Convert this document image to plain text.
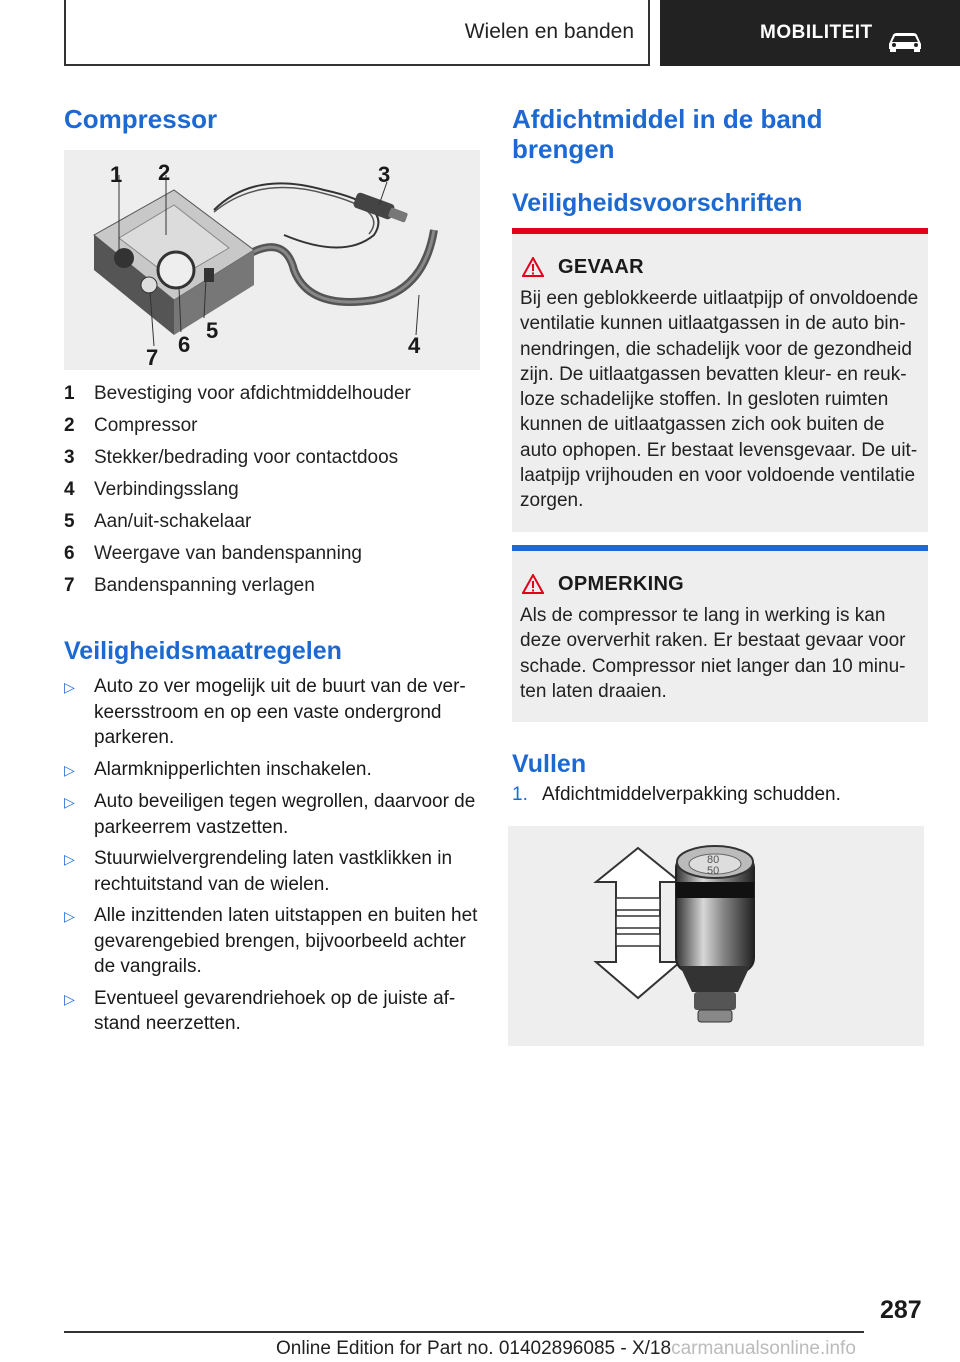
Wielen en banden	MOBILITEIT
Compressor
1 2	3
4
5
6
7
1	Bevestiging voor afdichtmiddelhouder
2	Compressor
3	Stekker/bedrading voor contactdoos
4	Verbindingsslang
5	Aan/uit-schakelaar
6	Weergave van bandenspanning
7	Bandenspanning verlagen
Veiligheidsmaatregelen
▷	Auto zo ver mogelijk uit de buurt van de ver-keersstroom en op een vaste ondergrond parkeren.
▷	Alarmknipperlichten inschakelen.
▷	Auto beveiligen tegen wegrollen, daarvoor de parkeerrem vastzetten.
▷	Stuurwielvergrendeling laten vastklikken in rechtuitstand van de wielen.
▷	Alle inzittenden laten uitstappen en buiten het gevarengebied brengen, bijvoorbeeld achter de vangrails.
▷	Eventueel gevarendriehoek op de juiste af-stand neerzetten.
Afdichtmiddel in de band brengen
Veiligheidsvoorschriften
GEVAAR
Bij een geblokkeerde uitlaatpijp of onvoldoende ventilatie kunnen uitlaatgassen in de auto bin-nendringen, die schadelijk voor de gezondheid zijn. De uitlaatgassen bevatten kleur- en reuk-loze schadelijke stoffen. In gesloten ruimten kunnen de uitlaatgassen zich ook buiten de auto ophopen. Er bestaat levensgevaar. De uit-laatpijp vrijhouden en voor voldoende ventilatie zorgen.
OPMERKING
Als de compressor te lang in werking is kan deze oververhit raken. Er bestaat gevaar voor schade. Compressor niet langer dan 10 minu-ten laten draaien.
Vullen
1. Afdichtmiddelverpakking schudden.
80
50
287
Online Edition for Part no. 01402896085 - X/18carmanualsonline.info
